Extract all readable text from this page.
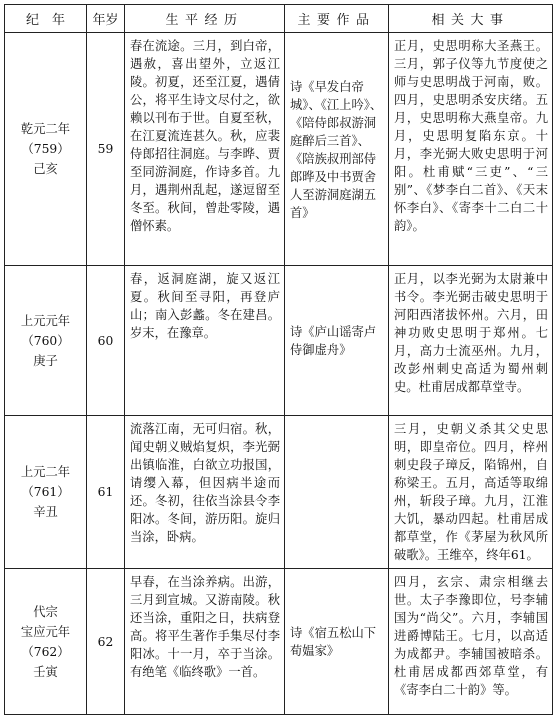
纪　年	年岁	生平经历	主要作品	相关大事

乾元二年
（759）
己亥	59	春在流途。三月，到白帝，遇赦，喜出望外，立返江陵。初夏，还至江夏，遇倩公，将平生诗文尽付之，欲赖以刊布于世。自夏至秋，在江夏流连甚久。秋，应裴侍郎招往洞庭。与李晔、贾至同游洞庭，作诗多首。九月，遇荆州乱起，遂逗留至冬至。秋间，曾赴零陵，遇僧怀素。	诗《早发白帝城》、《江上吟》、《陪侍郎叔游洞庭醉后三首》、《陪族叔刑部侍郎晔及中书贾舍人至游洞庭湖五首》	正月，史思明称大圣燕王。三月，郭子仪等九节度使之师与史思明战于河南，败。四月，史思明杀安庆绪。五月，史思明称大燕皇帝。九月，史思明复陷东京。十月，李光弼大败史思明于河阳。杜甫赋“三吏”、“三别”、《梦李白二首》、《天末怀李白》、《寄李十二白二十韵》。

上元元年
（760）
庚子	60	春，返洞庭湖，旋又返江夏。秋间至寻阳，再登庐山；南入彭蠡。冬在建昌。岁末，在豫章。	诗《庐山谣寄卢侍御虚舟》	正月，以李光弼为太尉兼中书令。李光弼击破史思明于河阳西渚拔怀州。六月，田神功败史思明于郑州。七月，高力士流巫州。九月，改彭州刺史高适为蜀州刺史。杜甫居成都草堂寺。

上元二年
（761）
辛丑	61	流落江南，无可归宿。秋，闻史朝义贼焰复炽，李光弼出镇临淮，白欲立功报国，请缨入幕，但因病半途而还。冬初，往依当涂县令李阳冰。冬间，游历阳。旋归当涂，卧病。		三月，史朝义杀其父史思明，即皇帝位。四月，梓州刺史段子璋反，陷锦州，自称梁王。五月，高适等取绵州，斩段子璋。九月，江淮大饥，暴动四起。杜甫居成都草堂，作《茅屋为秋风所破歌》。王维卒，终年61。

代宗
宝应元年
（762）
壬寅	62	早春，在当涂养病。出游，三月到宣城。又游南陵。秋还当涂，重阳之日，扶病登高。将平生著作手集尽付李阳冰。十一月，卒于当涂。有绝笔《临终歌》一首。	诗《宿五松山下荀媪家》	四月，玄宗、肃宗相继去世。太子李豫即位，号李辅国为“尚父”。六月，李辅国进爵博陆王。七月，以高适为成都尹。李辅国被暗杀。杜甫居成都西郊草堂，有《寄李白二十韵》等。
